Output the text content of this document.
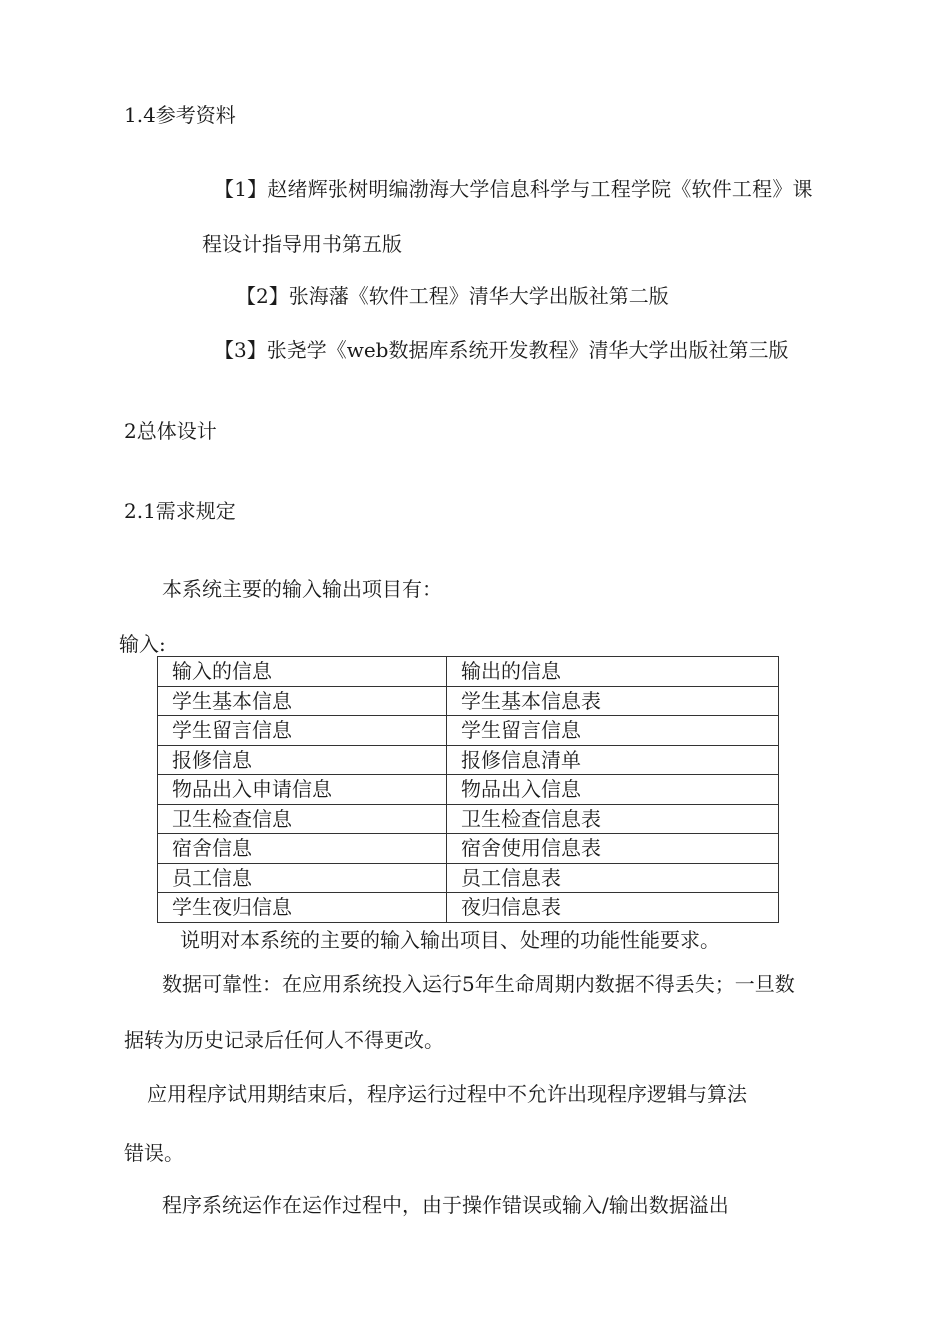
1.4参考资料
【1】赵绪辉张树明编渤海大学信息科学与工程学院《软件工程》课
程设计指导用书第五版
【2】张海藩《软件工程》清华大学出版社第二版
【3】张尧学《web数据库系统开发教程》清华大学出版社第三版
2总体设计
2.1需求规定
本系统主要的输入输出项目有：
输入:
输入的信息	输出的信息
学生基本信息	学生基本信息表
学生留言信息	学生留言信息
报修信息	报修信息清单
物品出入申请信息	物品出入信息
卫生检查信息	卫生检查信息表
宿舍信息	宿舍使用信息表
员工信息	员工信息表
学生夜归信息	夜归信息表
说明对本系统的主要的输入输出项目、处理的功能性能要求。
数据可靠性：在应用系统投入运行5年生命周期内数据不得丢失；一旦数
据转为历史记录后任何人不得更改。
应用程序试用期结束后，程序运行过程中不允许出现程序逻辑与算法
错误。
程序系统运作在运作过程中，由于操作错误或输入/输出数据溢出
